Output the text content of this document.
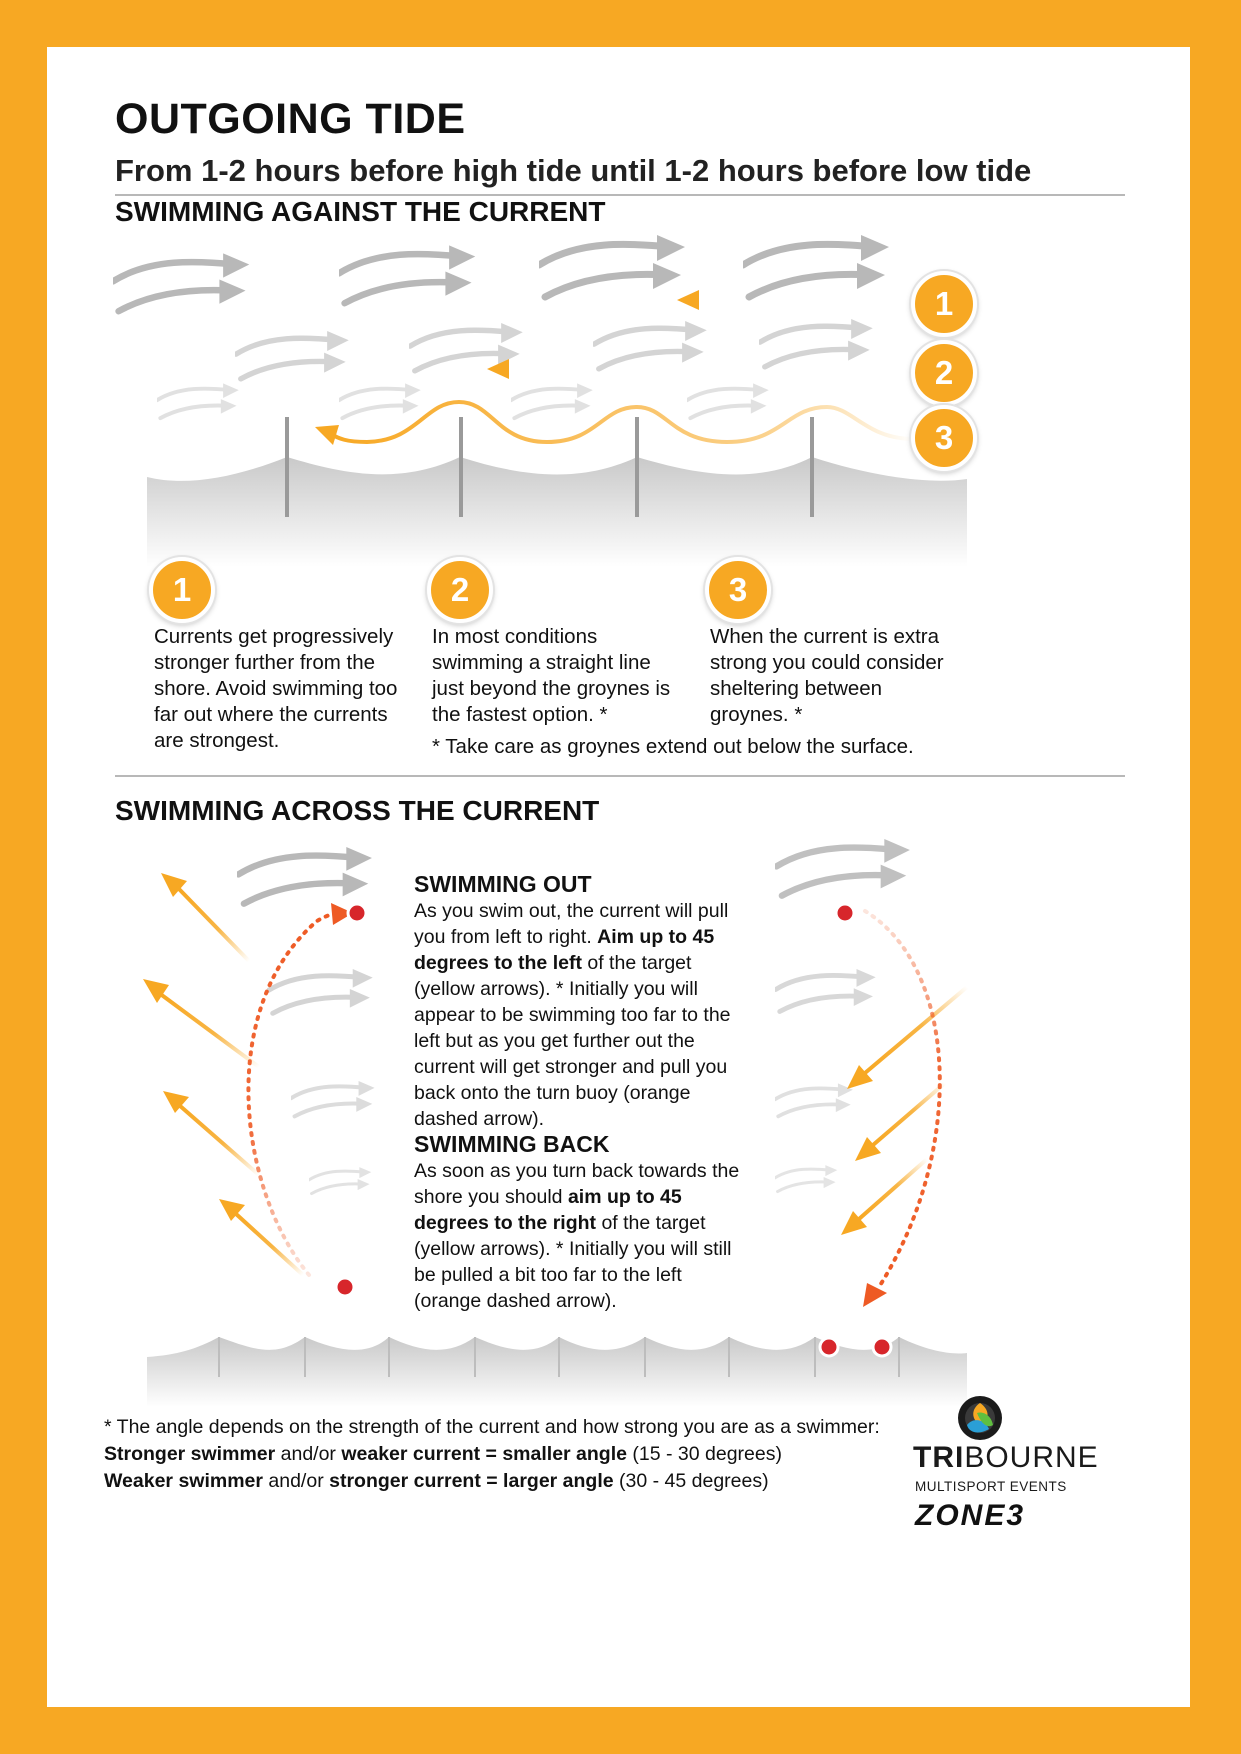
OUTGOING TIDE
From 1-2 hours before high tide until 1-2 hours before low tide
SWIMMING AGAINST THE CURRENT
1
2
3
1	2	3
Currents get progressively stronger further from the shore. Avoid swimming too far out where the currents are strongest.
In most conditions swimming a straight line just beyond the groynes is the fastest option. *
When the current is extra strong you could consider sheltering between groynes. *
* Take care as groynes extend out below the surface.
SWIMMING ACROSS THE CURRENT
SWIMMING OUT
As you swim out, the current will pull you from left to right. Aim up to 45 degrees to the left of the target (yellow arrows). * Initially you will appear to be swimming too far to the left but as you get further out the current will get stronger and pull you back onto the turn buoy (orange dashed arrow).
SWIMMING BACK
As soon as you turn back towards the shore you should aim up to 45 degrees to the right of the target (yellow arrows). * Initially you will still be pulled a bit too far to the left (orange dashed arrow).
* The angle depends on the strength of the current and how strong you are as a swimmer:
Stronger swimmer and/or weaker current = smaller angle (15 - 30 degrees)
Weaker swimmer and/or stronger current = larger angle (30 - 45 degrees)
TRIBOURNE
MULTISPORT EVENTS
ZONE3
